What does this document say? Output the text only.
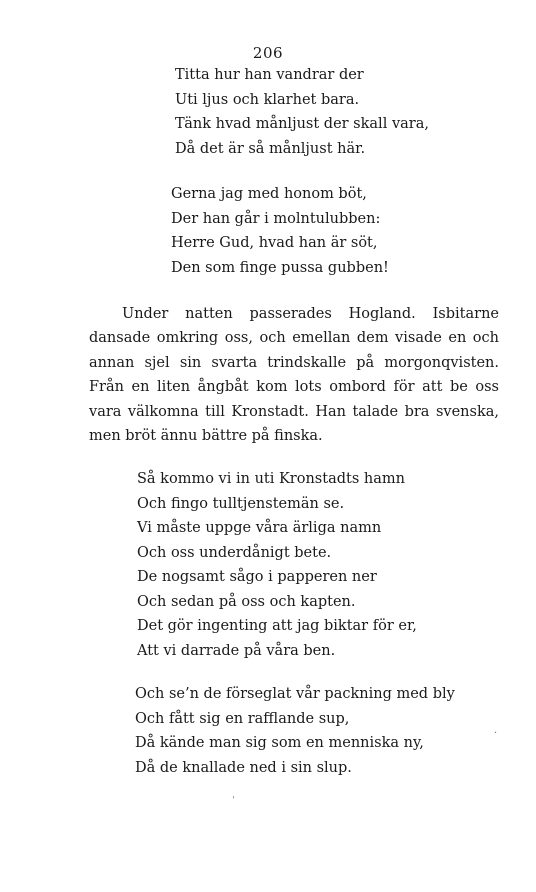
206
Titta hur han vandrar der
Uti ljus och klarhet bara.
Tänk hvad månljust der skall vara,
Då det är så månljust här.
Gerna jag med honom böt,
Der han går i molntulubben:
Herre Gud, hvad han är söt,
Den som finge pussa gubben!

Under natten passerades Hogland. Isbitarne dansade omkring oss, och emellan dem visade en och annan sjel sin svarta trindskalle på morgonqvisten. Från en liten ångbåt kom lots ombord för att be oss vara välkomna till Kronstadt. Han talade bra svenska, men bröt ännu bättre på finska.

Så kommo vi in uti Kronstadts hamn
Och fingo tulltjenstemän se.
Vi måste uppge våra ärliga namn
Och oss underdånigt bete.
De nogsamt sågo i papperen ner
Och sedan på oss och kapten.
Det gör ingenting att jag biktar för er,
Att vi darrade på våra ben.
Och se’n de förseglat vår packning med bly
Och fått sig en rafflande sup,
Då kände man sig som en menniska ny,
Då de knallade ned i sin slup.
·
ˈ
